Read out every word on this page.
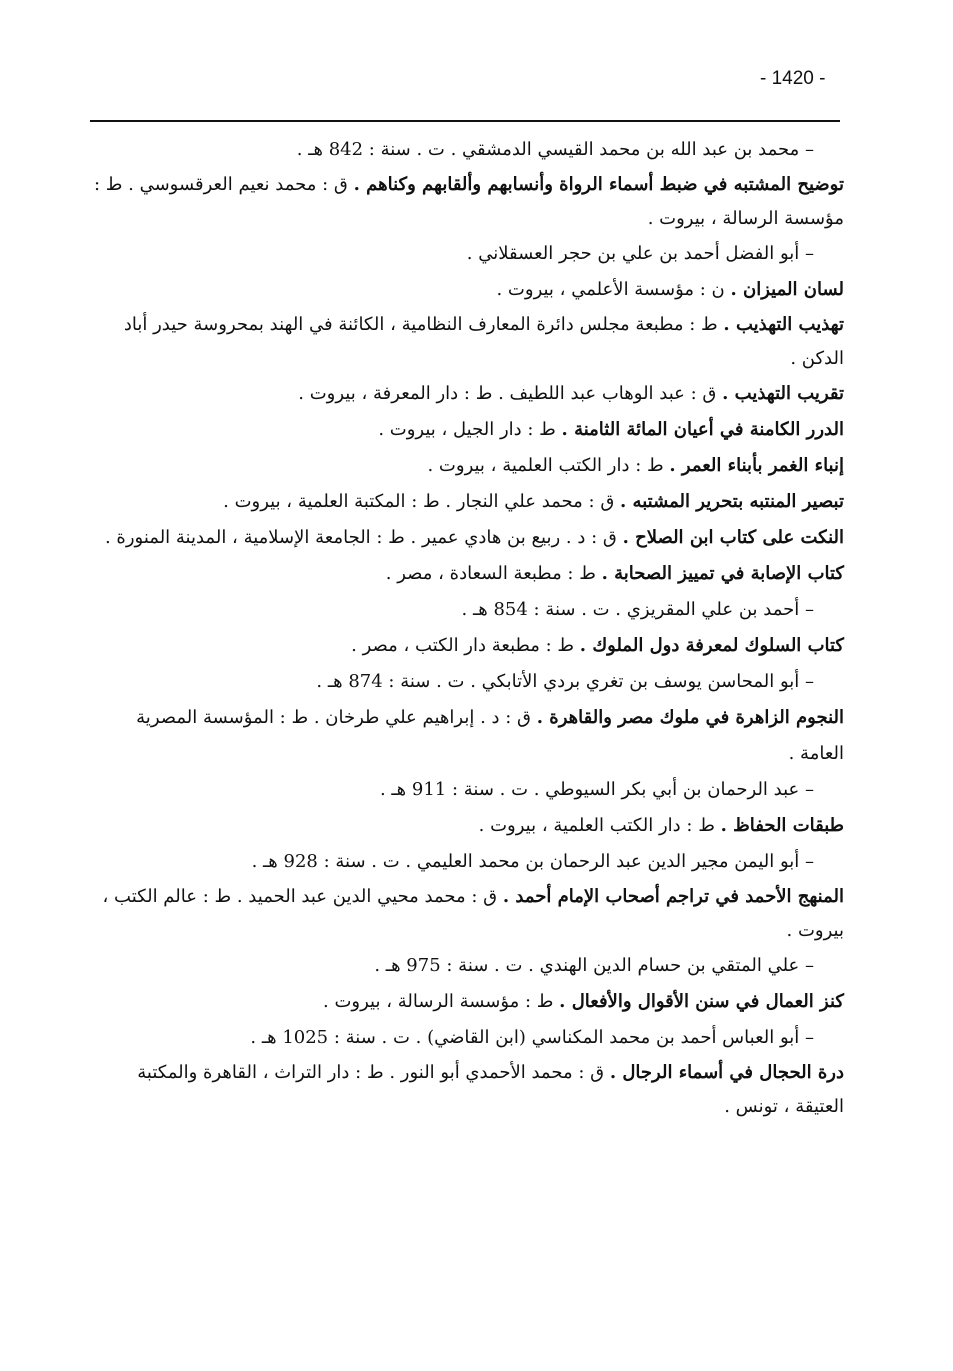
- 1420 -

– محمد بن عبد الله بن محمد القيسي الدمشقي . ت . سنة : 842 هـ .

توضيح المشتبه في ضبط أسماء الرواة وأنسابهم وألقابهم وكناهم . ق : محمد نعيم العرقسوسي . ط : مؤسسة الرسالة ، بيروت .

– أبو الفضل أحمد بن علي بن حجر العسقلاني .

لسان الميزان . ن : مؤسسة الأعلمي ، بيروت .

تهذيب التهذيب . ط : مطبعة مجلس دائرة المعارف النظامية ، الكائنة في الهند بمحروسة حيدر أباد الدكن .

تقريب التهذيب . ق : عبد الوهاب عبد اللطيف . ط : دار المعرفة ، بيروت .

الدرر الكامنة في أعيان المائة الثامنة . ط : دار الجيل ، بيروت .

إنباء الغمر بأبناء العمر . ط : دار الكتب العلمية ، بيروت .

تبصير المنتبه بتحرير المشتبه . ق : محمد علي النجار . ط : المكتبة العلمية ، بيروت .

النكت على كتاب ابن الصلاح . ق : د . ربيع بن هادي عمير . ط : الجامعة الإسلامية ، المدينة المنورة .

كتاب الإصابة في تمييز الصحابة . ط : مطبعة السعادة ، مصر .

– أحمد بن علي المقريزي . ت . سنة : 854 هـ .

كتاب السلوك لمعرفة دول الملوك . ط : مطبعة دار الكتب ، مصر .

– أبو المحاسن يوسف بن تغري بردي الأتابكي . ت . سنة : 874 هـ .

النجوم الزاهرة في ملوك مصر والقاهرة . ق : د . إبراهيم علي طرخان . ط : المؤسسة المصرية العامة .

– عبد الرحمان بن أبي بكر السيوطي . ت . سنة : 911 هـ .

طبقات الحفاظ . ط : دار الكتب العلمية ، بيروت .

– أبو اليمن مجير الدين عبد الرحمان بن محمد العليمي . ت . سنة : 928 هـ .

المنهج الأحمد في تراجم أصحاب الإمام أحمد . ق : محمد محيي الدين عبد الحميد . ط : عالم الكتب ، بيروت .

– علي المتقي بن حسام الدين الهندي . ت . سنة : 975 هـ .

كنز العمال في سنن الأقوال والأفعال . ط : مؤسسة الرسالة ، بيروت .

– أبو العباس أحمد بن محمد المكناسي (ابن القاضي) . ت . سنة : 1025 هـ .

درة الحجال في أسماء الرجال . ق : محمد الأحمدي أبو النور . ط : دار التراث ، القاهرة والمكتبة العتيقة ، تونس .
